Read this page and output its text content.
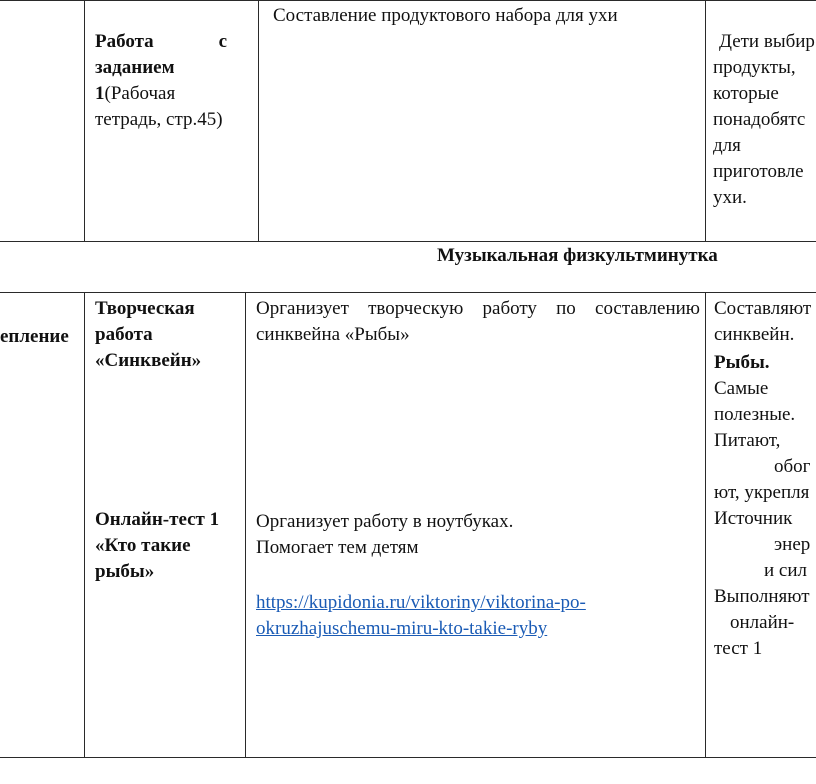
Работа	с
заданием
1(Рабочая
тетрадь, стр.45)
Составление продуктового набора для ухи
Дети выбир
продукты,
которые
понадобятс
для
приготовле
ухи.
Музыкальная физкультминутка
епление
Творческая
работа
«Синквейн»
Онлайн-тест 1
«Кто такие
рыбы»
Организует творческую работу по составлению
синквейна «Рыбы»
Организует работу в ноутбуках.
Помогает тем детям
https://kupidonia.ru/viktoriny/viktorina-po-
okruzhajuschemu-miru-kto-takie-ryby
Составляют
синквейн.
Рыбы.
Самые
полезные.
Питают,
обог
ют, укрепля
Источник
энер
и сил
Выполняют
онлайн-
тест 1
